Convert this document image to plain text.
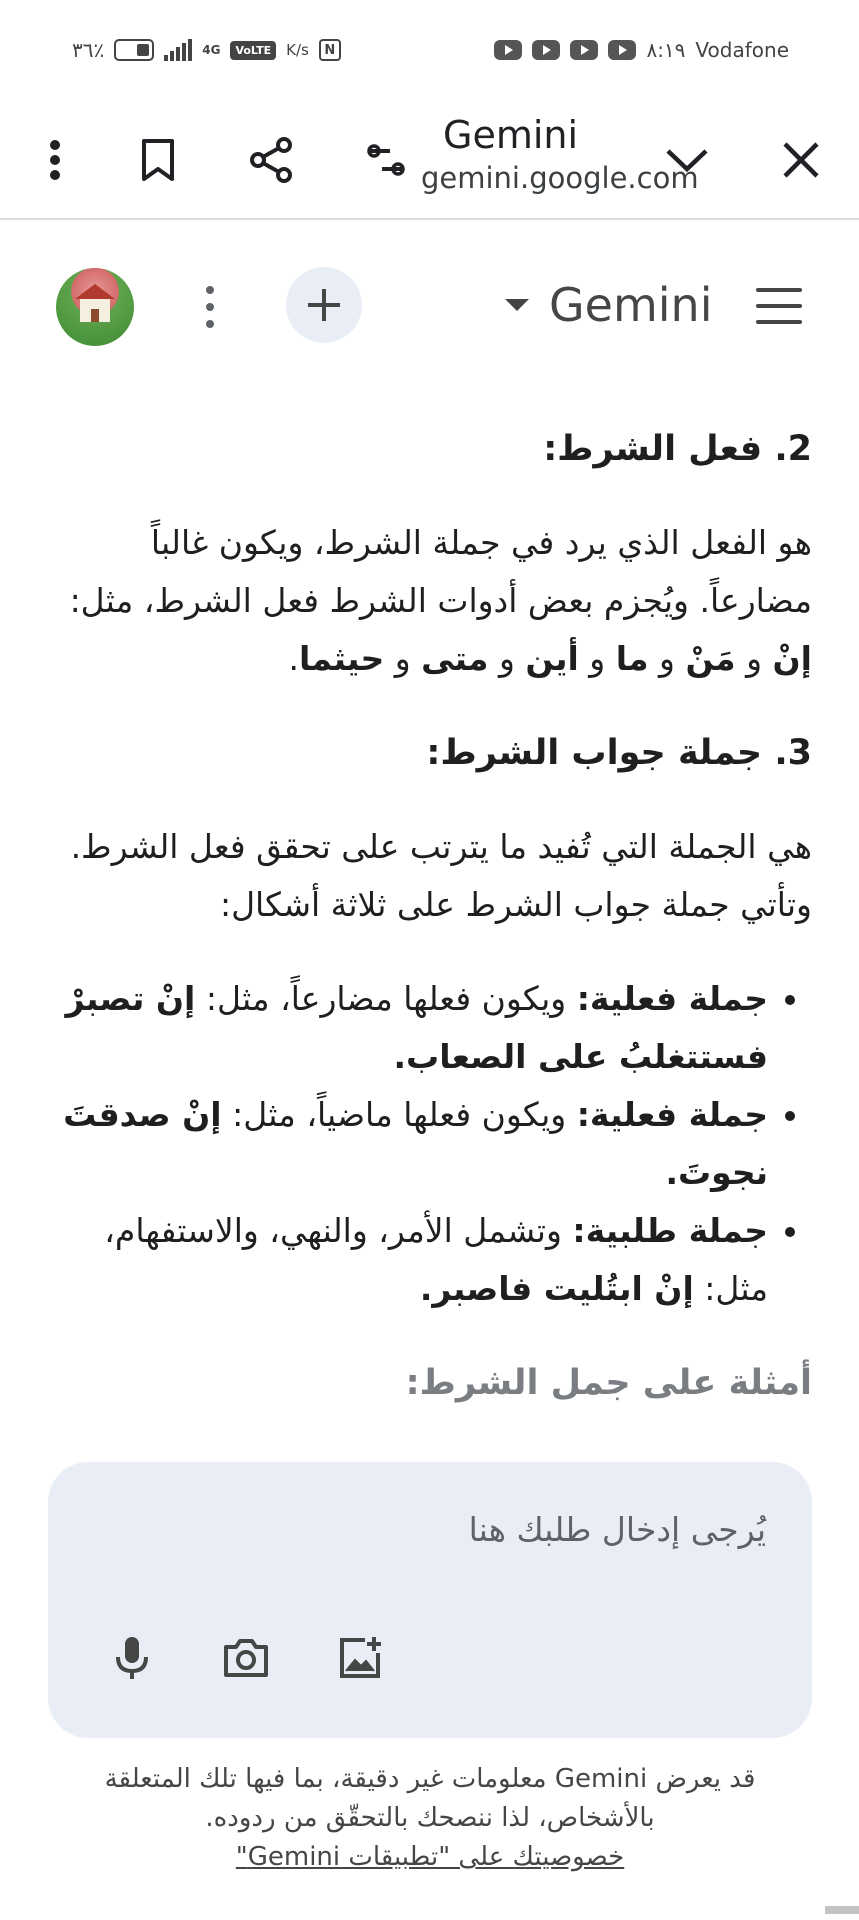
٣٦٪	4G	VoLTE	K/s	N	٨:١٩ Vodafone
Gemini
gemini.google.com
Gemini
2. فعل الشرط:

هو الفعل الذي يرد في جملة الشرط، ويكون غالباً مضارعاً. ويُجزم بعض أدوات الشرط فعل الشرط، مثل: إنْ و مَنْ و ما و أين و متى و حيثما.

3. جملة جواب الشرط:

هي الجملة التي تُفيد ما يترتب على تحقق فعل الشرط. وتأتي جملة جواب الشرط على ثلاثة أشكال:

• جملة فعلية: ويكون فعلها مضارعاً، مثل: إنْ تصبرْ فستتغلبُ على الصعاب.
• جملة فعلية: ويكون فعلها ماضياً، مثل: إنْ صدقتَ نجوتَ.
• جملة طلبية: وتشمل الأمر، والنهي، والاستفهام، مثل: إنْ ابتُليت فاصبر.
أمثلة على جمل الشرط:
يُرجى إدخال طلبك هنا
قد يعرض Gemini معلومات غير دقيقة، بما فيها تلك المتعلقة بالأشخاص، لذا ننصحك بالتحقّق من ردوده.
خصوصيتك على "تطبيقات Gemini"
